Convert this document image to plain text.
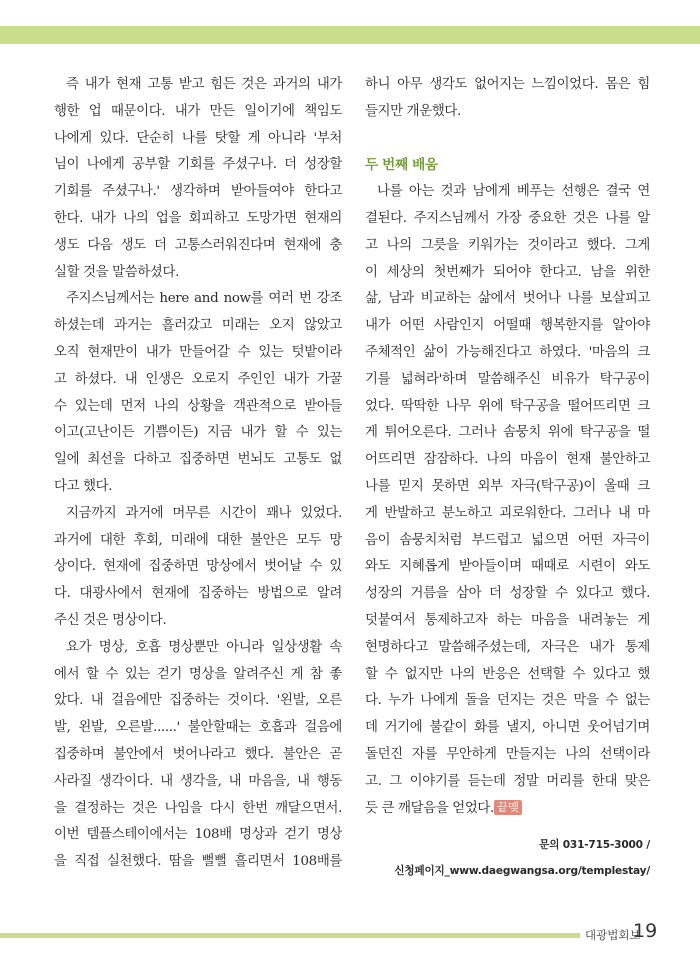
즉 내가 현재 고통 받고 힘든 것은 과거의 내가
행한 업 때문이다. 내가 만든 일이기에 책임도
나에게 있다. 단순히 나를 탓할 게 아니라 '부처
님이 나에게 공부할 기회를 주셨구나. 더 성장할
기회를 주셨구나.' 생각하며 받아들여야 한다고
한다. 내가 나의 업을 회피하고 도망가면 현재의
생도 다음 생도 더 고통스러워진다며 현재에 충
실할 것을 말씀하셨다.
주지스님께서는 here and now를 여러 번 강조
하셨는데 과거는 흘러갔고 미래는 오지 않았고
오직 현재만이 내가 만들어갈 수 있는 텃밭이라
고 하셨다. 내 인생은 오로지 주인인 내가 가꿀
수 있는데 먼저 나의 상황을 객관적으로 받아들
이고(고난이든 기쁨이든) 지금 내가 할 수 있는
일에 최선을 다하고 집중하면 번뇌도 고통도 없
다고 했다.
지금까지 과거에 머무른 시간이 꽤나 있었다.
과거에 대한 후회, 미래에 대한 불안은 모두 망
상이다. 현재에 집중하면 망상에서 벗어날 수 있
다. 대광사에서 현재에 집중하는 방법으로 알려
주신 것은 명상이다.
요가 명상, 호흡 명상뿐만 아니라 일상생활 속
에서 할 수 있는 걷기 명상을 알려주신 게 참 좋
았다. 내 걸음에만 집중하는 것이다. '왼발, 오른
발, 왼발, 오른발......' 불안할때는 호흡과 걸음에
집중하며 불안에서 벗어나라고 했다. 불안은 곧
사라질 생각이다. 내 생각을, 내 마음을, 내 행동
을 결정하는 것은 나임을 다시 한번 깨달으면서.
이번 템플스테이에서는 108배 명상과 걷기 명상
을 직접 실천했다. 땀을 뻘뻘 흘리면서 108배를
하니 아무 생각도 없어지는 느낌이었다. 몸은 힘
들지만 개운했다.
두 번째 배움
나를 아는 것과 남에게 베푸는 선행은 결국 연
결된다. 주지스님께서 가장 중요한 것은 나를 알
고 나의 그릇을 키워가는 것이라고 했다. 그게
이 세상의 첫번째가 되어야 한다고. 남을 위한
삶, 남과 비교하는 삶에서 벗어나 나를 보살피고
내가 어떤 사람인지 어떨때 행복한지를 알아야
주체적인 삶이 가능해진다고 하였다. '마음의 크
기를 넓혀라'하며 말씀해주신 비유가 탁구공이
었다. 딱딱한 나무 위에 탁구공을 떨어뜨리면 크
게 튀어오른다. 그러나 솜뭉치 위에 탁구공을 떨
어뜨리면 잠잠하다. 나의 마음이 현재 불안하고
나를 믿지 못하면 외부 자극(탁구공)이 올때 크
게 반발하고 분노하고 괴로워한다. 그러나 내 마
음이 솜뭉치처럼 부드럽고 넓으면 어떤 자극이
와도 지혜롭게 받아들이며 때때로 시련이 와도
성장의 거름을 삼아 더 성장할 수 있다고 했다.
덧붙여서 통제하고자 하는 마음을 내려놓는 게
현명하다고 말씀해주셨는데, 자극은 내가 통제
할 수 없지만 나의 반응은 선택할 수 있다고 했
다. 누가 나에게 돌을 던지는 것은 막을 수 없는
데 거기에 불같이 화를 낼지, 아니면 웃어넘기며
돌던진 자를 무안하게 만들지는 나의 선택이라
고. 그 이야기를 듣는데 정말 머리를 한대 맞은
듯 큰 깨달음을 얻었다. 끝맺
문의 031-715-3000 /
신청페이지_www.daegwangsa.org/templestay/
대광법회보
19
